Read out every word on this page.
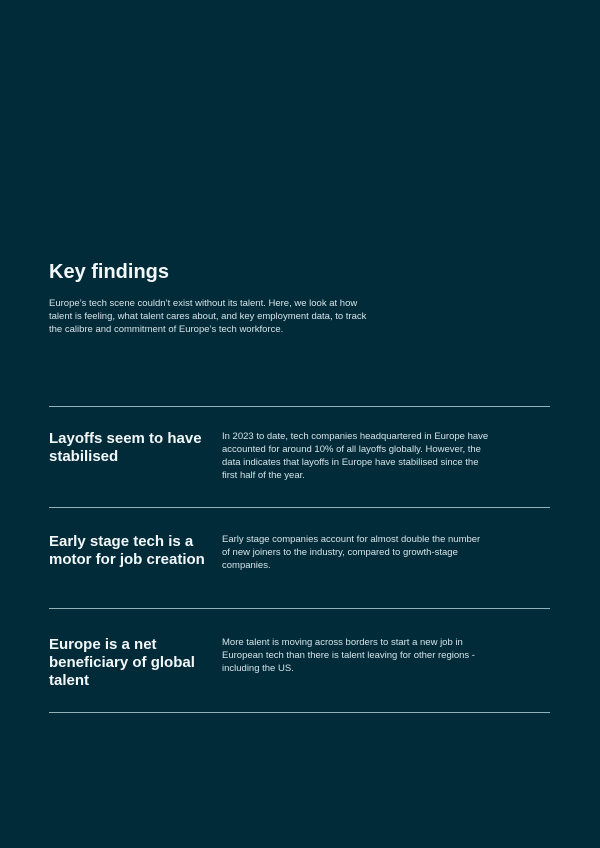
Key findings
Europe’s tech scene couldn’t exist without its talent. Here, we look at how
talent is feeling, what talent cares about, and key employment data, to track
the calibre and commitment of Europe’s tech workforce.
Layoffs seem to have
stabilised
In 2023 to date, tech companies headquartered in Europe have
accounted for around 10% of all layoffs globally. However, the
data indicates that layoffs in Europe have stabilised since the
first half of the year.
Early stage tech is a
motor for job creation
Early stage companies account for almost double the number
of new joiners to the industry, compared to growth-stage
companies.
Europe is a net
beneficiary of global
talent
More talent is moving across borders to start a new job in
European tech than there is talent leaving for other regions -
including the US.
